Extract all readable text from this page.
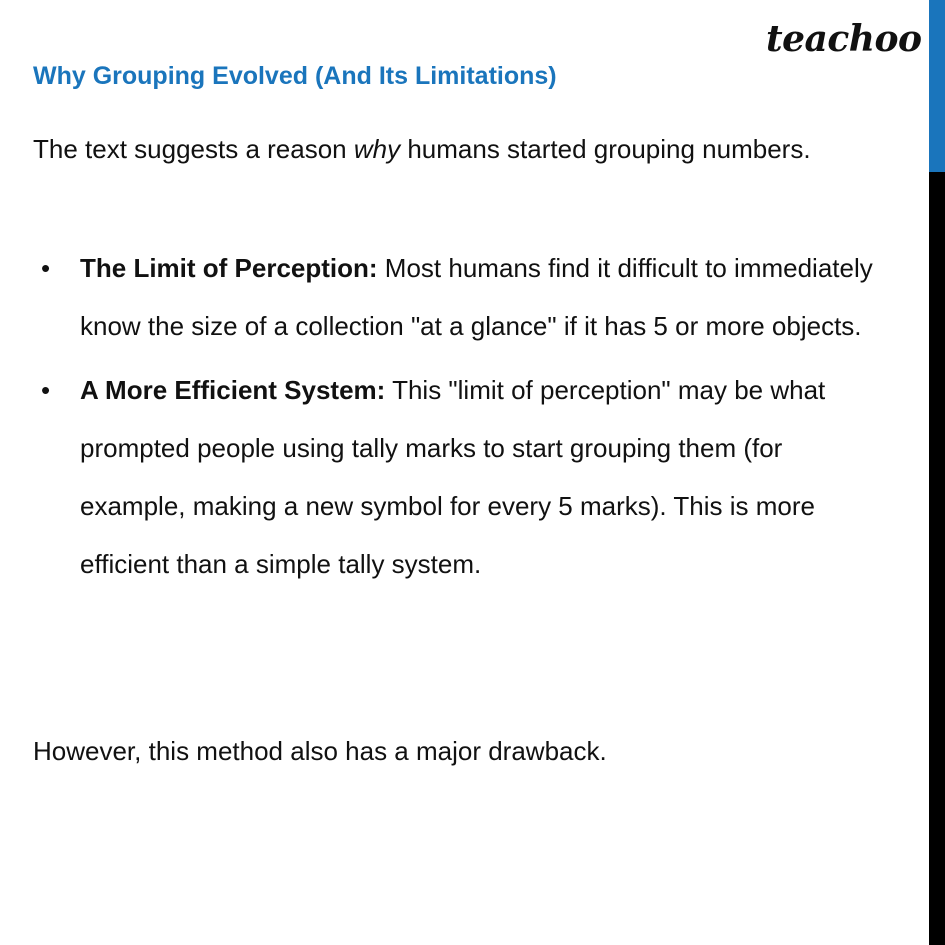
teachoo
Why Grouping Evolved (And Its Limitations)
The text suggests a reason why humans started grouping numbers.
• The Limit of Perception: Most humans find it difficult to immediately know the size of a collection "at a glance" if it has 5 or more objects.
• A More Efficient System: This "limit of perception" may be what prompted people using tally marks to start grouping them (for example, making a new symbol for every 5 marks). This is more efficient than a simple tally system.
However, this method also has a major drawback.
